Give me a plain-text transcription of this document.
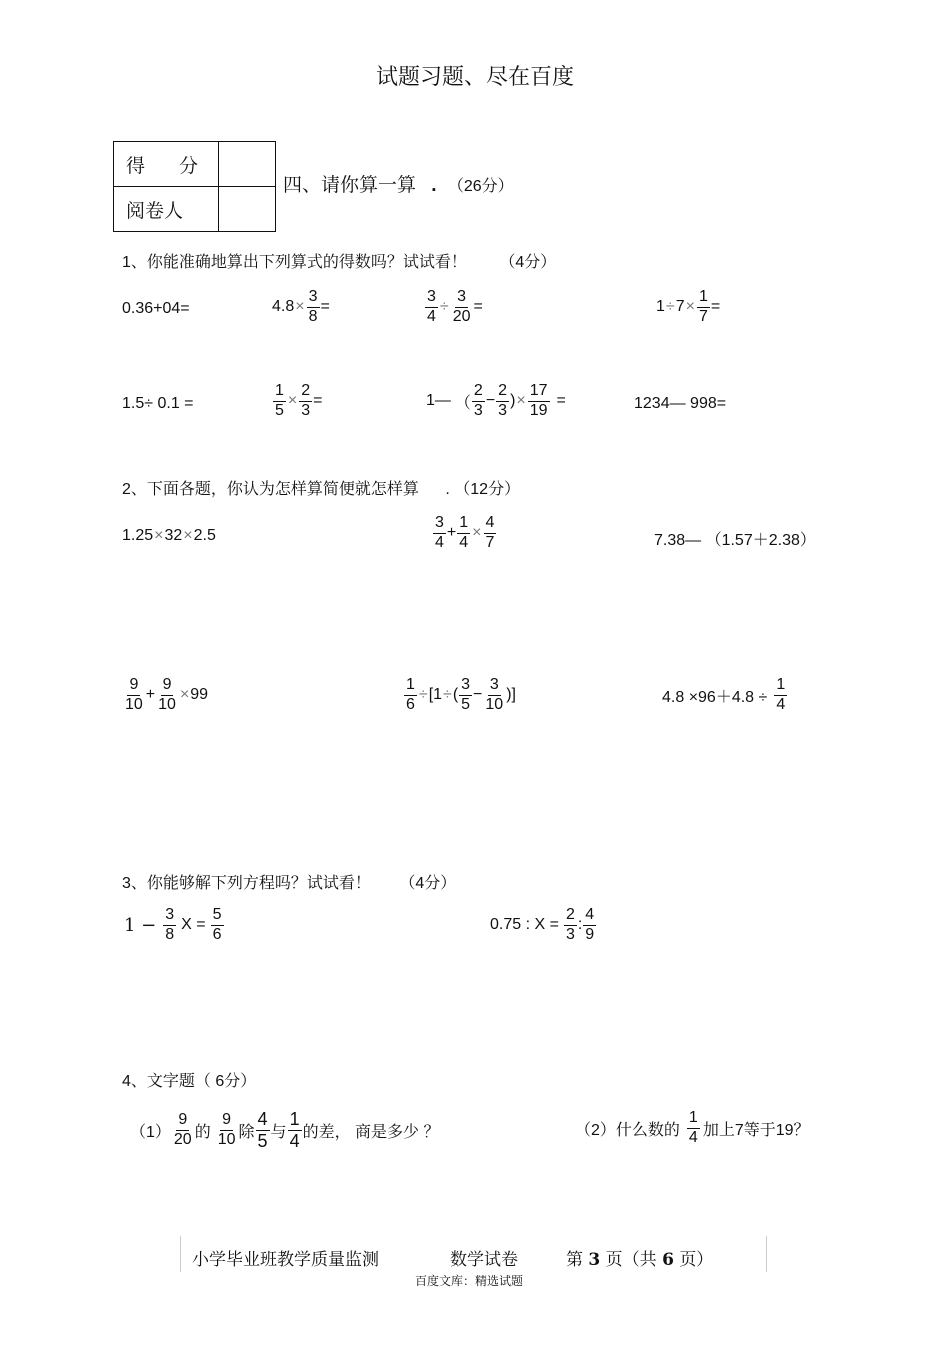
试题习题、尽在百度
得 分	
阅卷人	
四、请你算一算 . （26分）
1、你能准确地算出下列算式的得数吗？试试看！ （4分）
0.36+04=	$4.8 \times \frac{3}{8}$ =	$\frac{3}{4} \div \frac{3}{20}$ =	$1 \div 7 \times \frac{1}{7}$ =
1.5÷ 0.1 =	$\frac{1}{5} \times \frac{2}{3}$ =	1— （ $\frac{2}{3} - \frac{2}{3}$ ) × $\frac{17}{19}$ =	1234— 998=
2、下面各题，你认为怎样算简便就怎样算 . （12分）
1.25 × 32 × 2.5	$\frac{3}{4} + \frac{1}{4} \times \frac{4}{7}$	7.38— （1.57＋2.38）
$\frac{9}{10} + \frac{9}{10} \times 99$	$\frac{1}{6} \div [1$ ÷ ( $\frac{3}{5} - \frac{3}{10}$ )]	$4.8 \times 96+4.8 \div \frac{1}{4}$
3、你能够解下列方程吗？试试看！ （4分）
$1 - \frac{3}{8}$ $X = \frac{5}{6}$	0.75 : $X = \frac{2}{3}$ : $\frac{4}{9}$
4、文字题（ 6分）
$(1) \frac{9}{20}$ 的 $\frac{9}{10}$ 除 $\frac{4}{5}$ 与 $\frac{1}{4}$ 的差， 商是多少 ？	（2）什么数的 $\frac{1}{4}$ 加上7等于19？
小学毕业班教学质量监测	数学试卷	第 3 页（共 6 页）
百度文库：精选试题
